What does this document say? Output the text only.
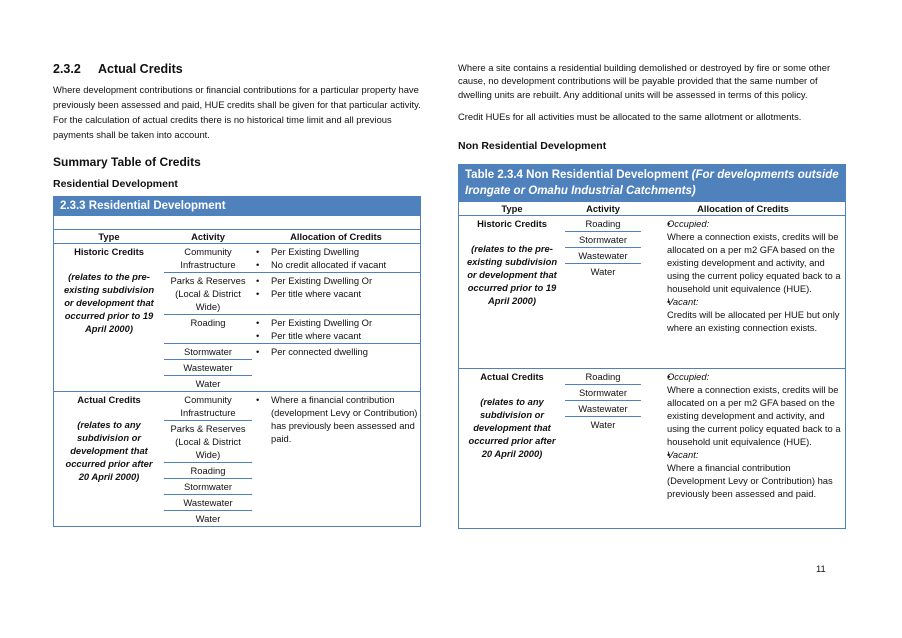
2.3.2	Actual Credits

Where development contributions or financial contributions for a particular property have previously been assessed and paid, HUE credits shall be given for that particular activity. For the calculation of actual credits there is no historical time limit and all previous payments shall be taken into account.

Summary Table of Credits
Residential Development
2.3.3 Residential Development
Type	Activity	Allocation of Credits
Historic Credits
(relates to the pre-existing subdivision or development that occurred prior to 19 April 2000)
Community Infrastructure
• Per Existing Dwelling
• No credit allocated if vacant
Parks & Reserves (Local & District Wide)
• Per Existing Dwelling Or
• Per title where vacant
Roading
•	Per Existing Dwelling Or
• Per title where vacant
Stormwater
Wastewater
Water
• Per connected dwelling
Actual Credits
(relates to any subdivision or development that occurred prior after 20 April 2000)
Community Infrastructure
Parks & Reserves (Local & District Wide)
Roading
Stormwater
Wastewater
Water
• Where a financial contribution (development Levy or Contribution) has previously been assessed and paid.

Where a site contains a residential building demolished or destroyed by fire or some other cause, no development contributions will be payable provided that the same number of dwelling units are rebuilt. Any additional units will be assessed in terms of this policy.

Credit HUEs for all activities must be allocated to the same allotment or allotments.

Non Residential Development
Table 2.3.4 Non Residential Development (For developments outside Irongate or Omahu Industrial Catchments)
Type	Activity	Allocation of Credits
Historic Credits
(relates to the pre-existing subdivision or development that occurred prior to 19 April 2000)
Roading
Stormwater
Wastewater
Water
• Occupied:
Where a connection exists, credits will be allocated on a per m2 GFA based on the existing development and activity, and using the current policy equated back to a household unit equivalence (HUE).
• Vacant:
Credits will be allocated per HUE but only where an existing connection exists.
Actual Credits
(relates to any subdivision or development that occurred prior after 20 April 2000)
Roading
Stormwater
Wastewater
Water
• Occupied:
Where a connection exists, credits will be allocated on a per m2 GFA based on the existing development and activity, and using the current policy equated back to a household unit equivalence (HUE).
• Vacant:
Where a financial contribution (Development Levy or Contribution) has previously been assessed and paid.
11
